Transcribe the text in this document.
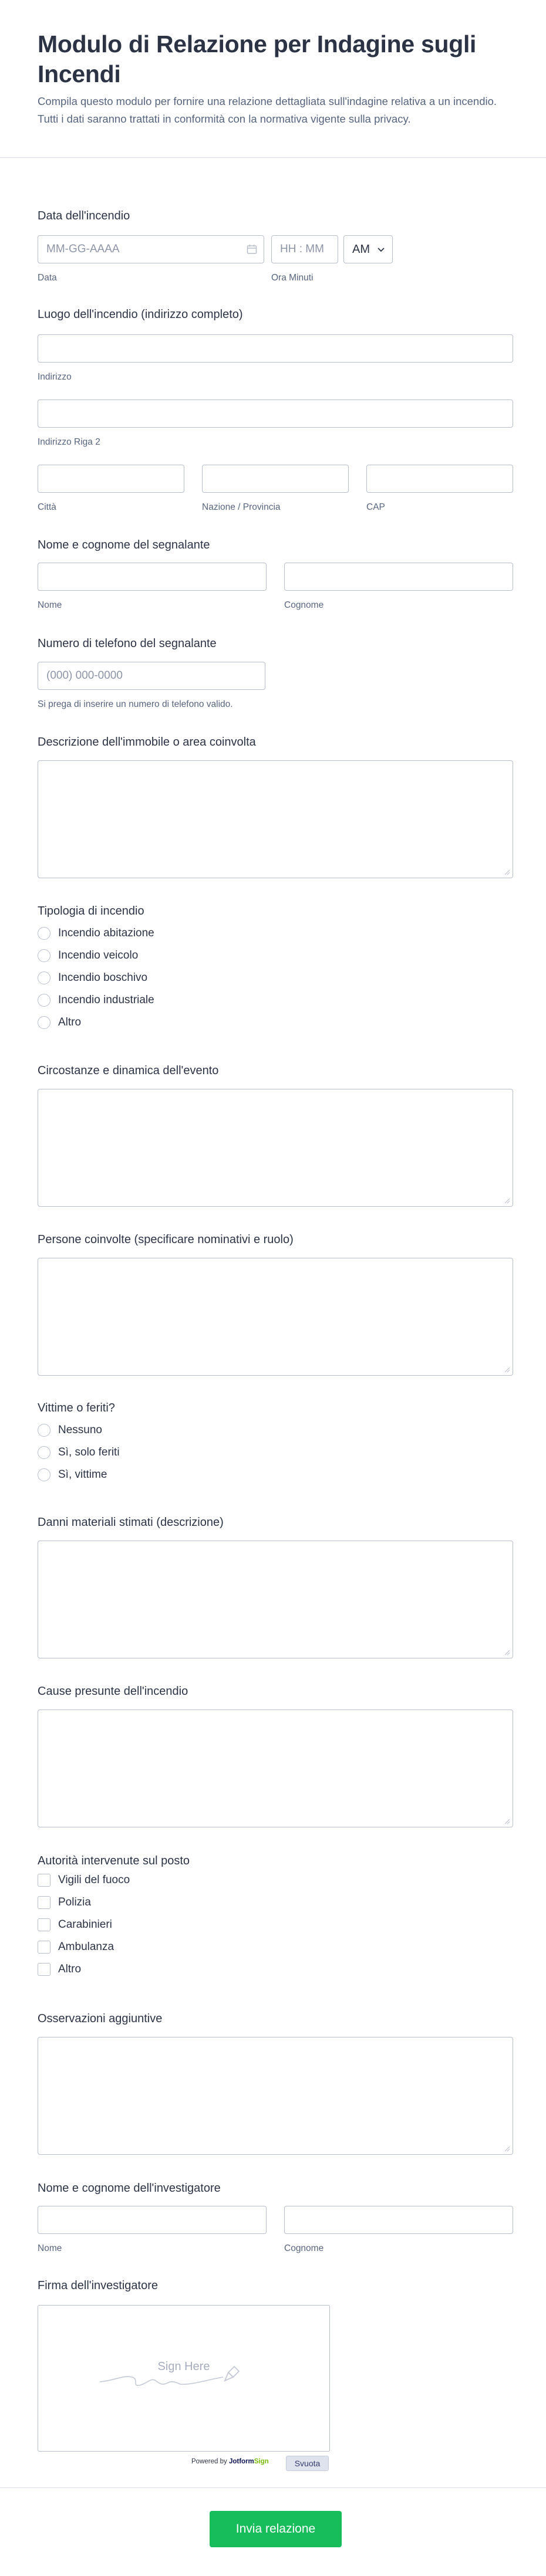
Modulo di Relazione per Indagine sugli Incendi
Compila questo modulo per fornire una relazione dettagliata sull'indagine relativa a un incendio. Tutti i dati saranno trattati in conformità con la normativa vigente sulla privacy.
Data dell'incendio
MM-GG-AAAA
Data
HH : MM
Ora Minuti
AM
Luogo dell'incendio (indirizzo completo)
Indirizzo
Indirizzo Riga 2
Città	Nazione / Provincia	CAP
Nome e cognome del segnalante
Nome	Cognome
Numero di telefono del segnalante
(000) 000-0000
Si prega di inserire un numero di telefono valido.
Descrizione dell'immobile o area coinvolta
Tipologia di incendio
Incendio abitazione
Incendio veicolo
Incendio boschivo
Incendio industriale
Altro
Circostanze e dinamica dell'evento
Persone coinvolte (specificare nominativi e ruolo)
Vittime o feriti?
Nessuno
Sì, solo feriti
Sì, vittime
Danni materiali stimati (descrizione)
Cause presunte dell'incendio
Autorità intervenute sul posto
Vigili del fuoco
Polizia
Carabinieri
Ambulanza
Altro
Osservazioni aggiuntive
Nome e cognome dell'investigatore
Nome	Cognome
Firma dell'investigatore
Sign Here
Powered by JotformSign	Svuota
Invia relazione
